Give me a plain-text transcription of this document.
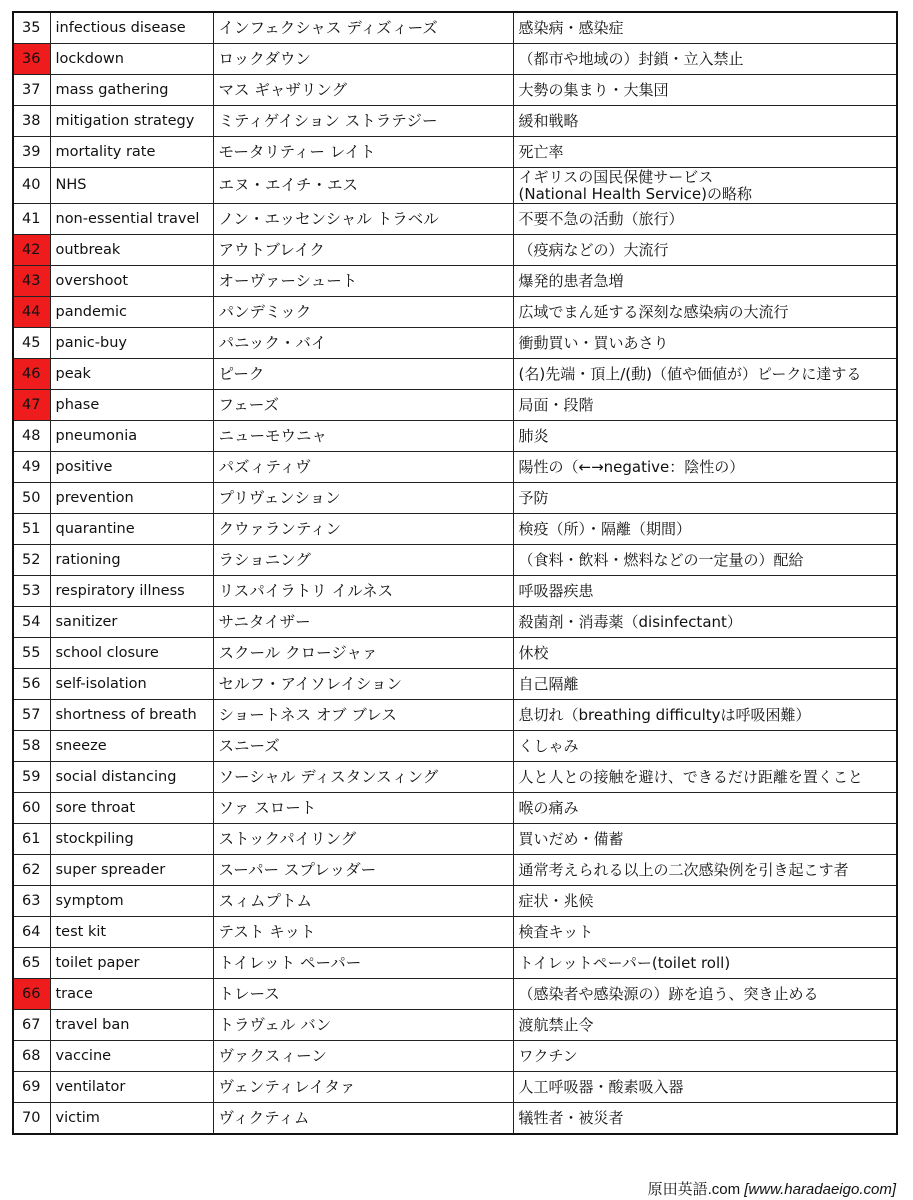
35	infectious disease	インフェクシャス ディズィーズ	感染病・感染症

36	lockdown	ロックダウン	（都市や地域の）封鎖・立入禁止

37	mass gathering	マス ギャザリング	大勢の集まり・大集団

38	mitigation strategy	ミティゲイション ストラテジー	緩和戦略

39	mortality rate	モータリティー レイト	死亡率

40	NHS	エヌ・エイチ・エス	イギリスの国民保健サービス
(National Health Service)の略称

41	non-essential travel	ノン・エッセンシャル トラベル	不要不急の活動（旅行）

42	outbreak	アウトブレイク	（疫病などの）大流行

43	overshoot	オーヴァーシュート	爆発的患者急増

44	pandemic	パンデミック	広域でまん延する深刻な感染病の大流行

45	panic-buy	パニック・バイ	衝動買い・買いあさり

46	peak	ピーク	(名)先端・頂上/(動)（値や価値が）ピークに達する

47	phase	フェーズ	局面・段階

48	pneumonia	ニューモウニャ	肺炎

49	positive	パズィティヴ	陽性の（←→negative：陰性の）

50	prevention	プリヴェンション	予防

51	quarantine	クウァランティン	検疫（所）・隔離（期間）

52	rationing	ラショニング	（食料・飲料・燃料などの一定量の）配給

53	respiratory illness	リスパイラトリ イルネス	呼吸器疾患

54	sanitizer	サニタイザー	殺菌剤・消毒薬（disinfectant）

55	school closure	スクール クロージャァ	休校

56	self-isolation	セルフ・アイソレイション	自己隔離

57	shortness of breath	ショートネス オブ ブレス	息切れ（breathing difficultyは呼吸困難）

58	sneeze	スニーズ	くしゃみ

59	social distancing	ソーシャル ディスタンスィング	人と人との接触を避け、できるだけ距離を置くこと

60	sore throat	ソァ スロート	喉の痛み

61	stockpiling	ストックパイリング	買いだめ・備蓄

62	super spreader	スーパー スプレッダー	通常考えられる以上の二次感染例を引き起こす者

63	symptom	スィムプトム	症状・兆候

64	test kit	テスト キット	検査キット

65	toilet paper	トイレット ペーパー	トイレットペーパー(toilet roll)

66	trace	トレース	（感染者や感染源の）跡を追う、突き止める

67	travel ban	トラヴェル バン	渡航禁止令

68	vaccine	ヴァクスィーン	ワクチン

69	ventilator	ヴェンティレイタァ	人工呼吸器・酸素吸入器

70	victim	ヴィクティム	犠牲者・被災者
原田英語.com [www.haradaeigo.com]
